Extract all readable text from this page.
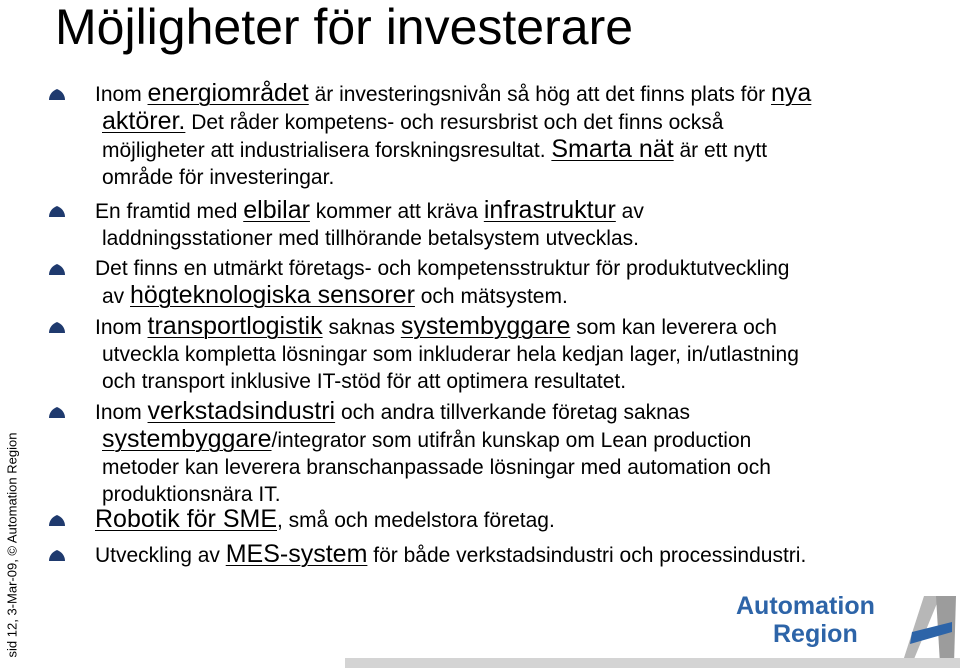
Möjligheter för investerare
sid 12, 3-Mar-09, © Automation Region
Inom energiområdet är investeringsnivån så hög att det finns plats för nya
aktörer. Det råder kompetens- och resursbrist och det finns också
möjligheter att industrialisera forskningsresultat. Smarta nät är ett nytt
område för investeringar.
En framtid med elbilar kommer att kräva infrastruktur av
laddningsstationer med tillhörande betalsystem utvecklas.
Det finns en utmärkt företags- och kompetensstruktur för produktutveckling
av högteknologiska sensorer och mätsystem.
Inom transportlogistik saknas systembyggare som kan leverera och
utveckla kompletta lösningar som inkluderar hela kedjan lager, in/utlastning
och transport inklusive IT-stöd för att optimera resultatet.
Inom verkstadsindustri och andra tillverkande företag saknas
systembyggare/integrator som utifrån kunskap om Lean production
metoder kan leverera branschanpassade lösningar med automation och
produktionsnära IT.
Robotik för SME, små och medelstora företag.
Utveckling av MES-system för både verkstadsindustri och processindustri.
Automation
Region
